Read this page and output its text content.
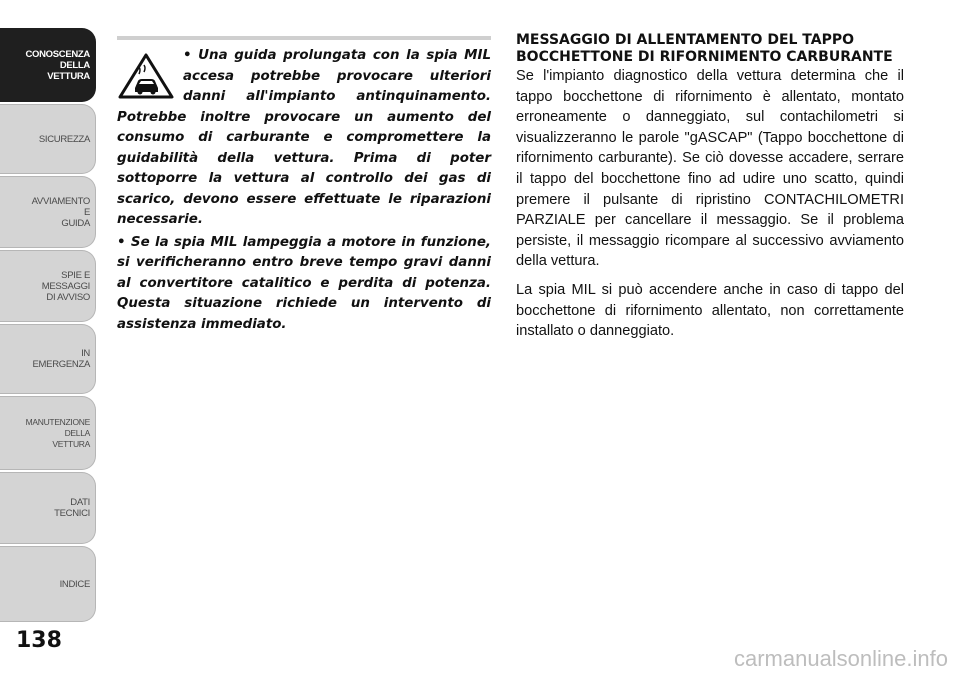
CONOSCENZA
DELLA
VETTURA
SICUREZZA
AVVIAMENTO
E
GUIDA
SPIE E
MESSAGGI
DI AVVISO
IN
EMERGENZA
MANUTENZIONE
DELLA
VETTURA
DATI
TECNICI
INDICE
138

• Una guida prolungata con la spia MIL accesa potrebbe provocare ulteriori danni all'impianto antinquinamento. Potrebbe inoltre provocare un aumento del consumo di carburante e compromettere la guidabilità della vettura. Prima di poter sottoporre la vettura al controllo dei gas di scarico, devono essere effettuate le riparazioni necessarie.

• Se la spia MIL lampeggia a motore in funzione, si verificheranno entro breve tempo gravi danni al convertitore catalitico e perdita di potenza. Questa situazione richiede un intervento di assistenza immediato.

MESSAGGIO DI ALLENTAMENTO DEL TAPPO BOCCHETTONE DI RIFORNIMENTO CARBURANTE

Se l'impianto diagnostico della vettura determina che il tappo bocchettone di rifornimento è allentato, montato erroneamente o danneggiato, sul contachilometri si visualizzeranno le parole "gASCAP" (Tappo bocchettone di rifornimento carburante). Se ciò dovesse accadere, serrare il tappo del bocchettone fino ad udire uno scatto, quindi premere il pulsante di ripristino CONTACHILOMETRI PARZIALE per cancellare il messaggio. Se il problema persiste, il messaggio ricompare al successivo avviamento della vettura.

La spia MIL si può accendere anche in caso di tappo del bocchettone di rifornimento allentato, non correttamente installato o danneggiato.

carmanualsonline.info
